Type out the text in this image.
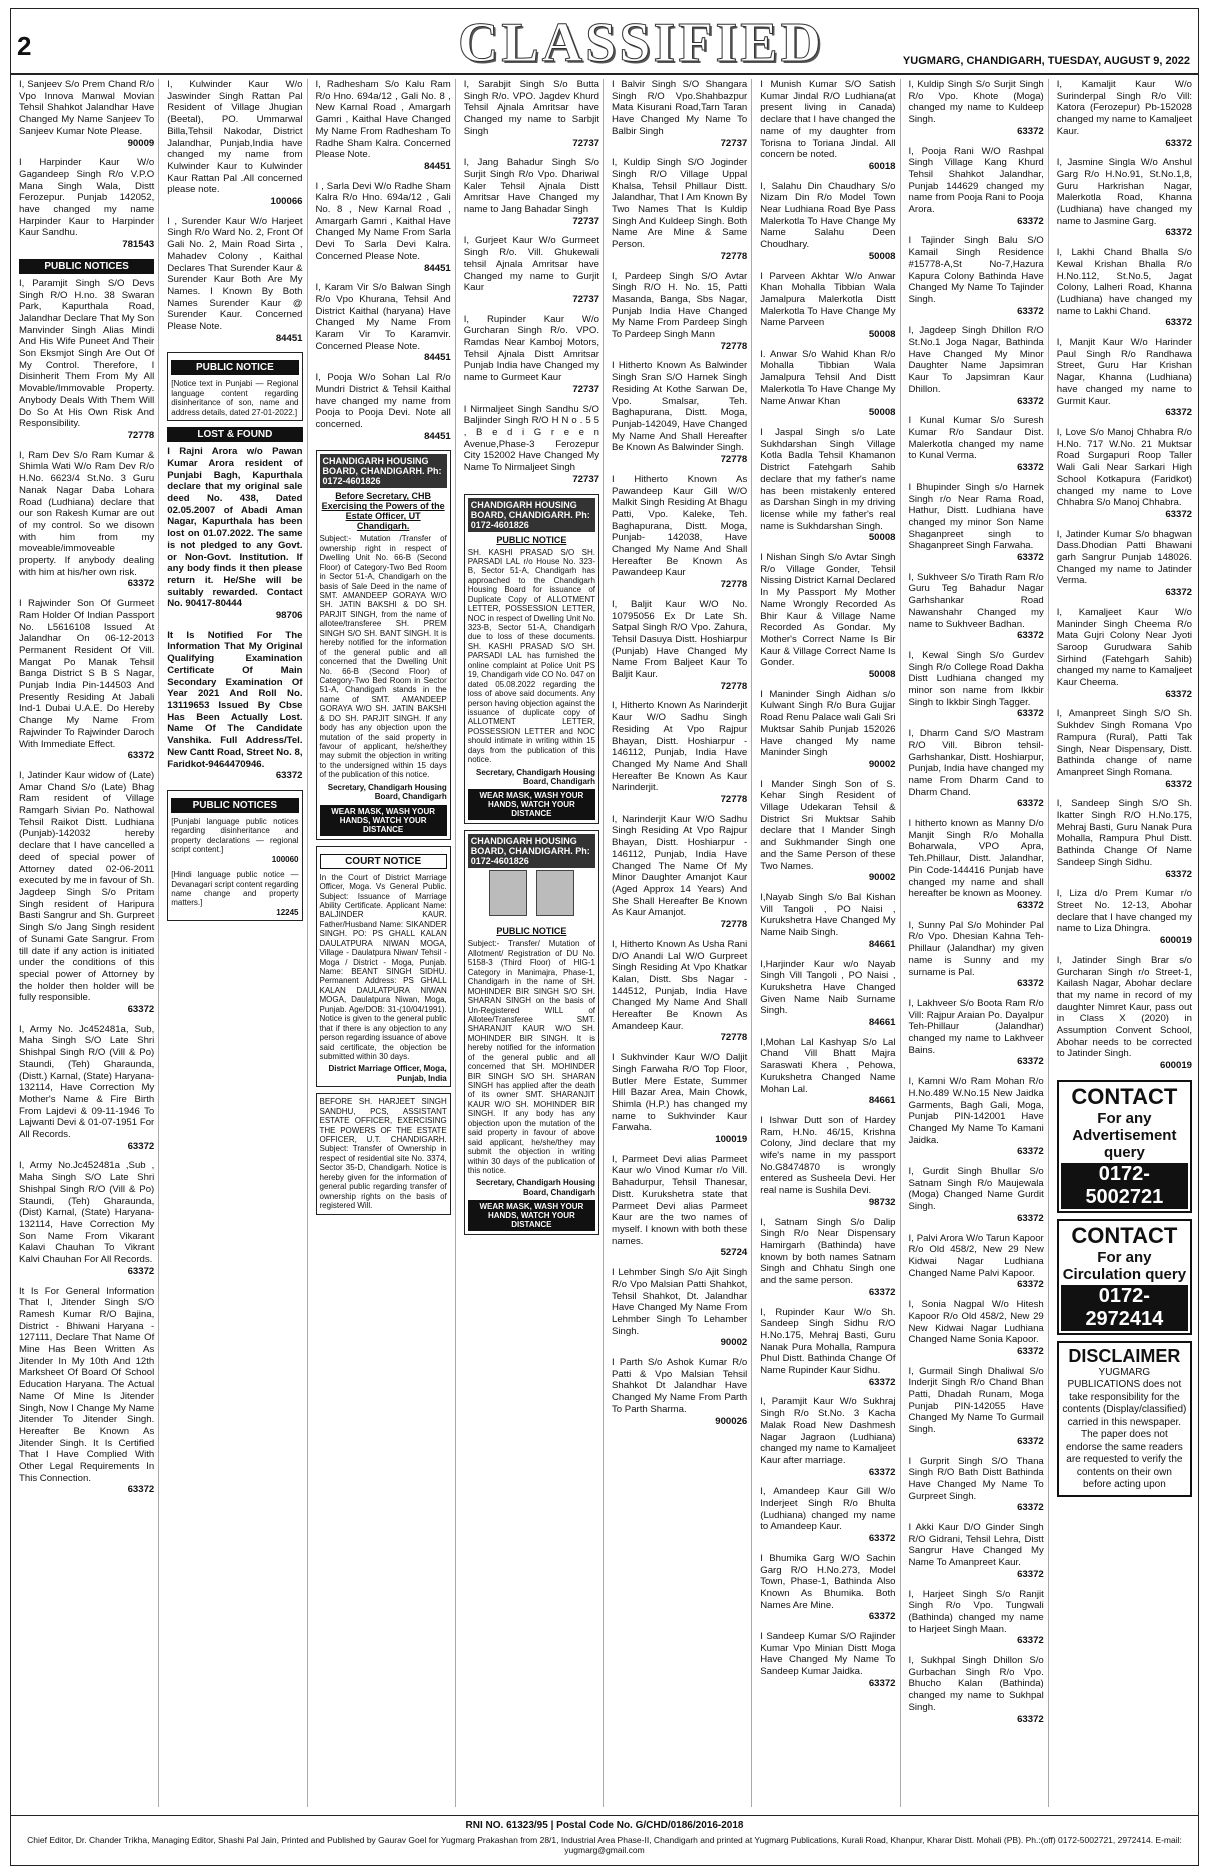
2	CLASSIFIED	YUGMARG, CHANDIGARH, TUESDAY, AUGUST 9, 2022
I, Sanjeev S/o Prem Chand R/o Vpo Innova Manwal Movian Tehsil Shahkot Jalandhar Have Changed My Name Sanjeev To Sanjeev Kumar Note Please.
90009
I Harpinder Kaur W/o Gagandeep Singh R/o V.P.O Mana Singh Wala, Distt Ferozepur. Punjab 142052, have changed my name Harpinder Kaur to Harpinder Kaur Sandhu.
781543
PUBLIC NOTICES
I, Paramjit Singh S/O Devs Singh R/O H.no. 38 Swaran Park, Kapurthala Road, Jalandhar Declare That My Son Manvinder Singh Alias Mindi And His Wife Puneet And Their Son Eksmjot Singh Are Out Of My Control. Therefore, I Disinherit Them From My All Movable/Immovable Property. Anybody Deals With Them Will Do So At His Own Risk And Responsibility.
72778
I, Ram Dev S/o Ram Kumar & Shimla Wati W/o Ram Dev R/o H.No. 6623/4 St.No. 3 Guru Nanak Nagar Daba Lohara Road (Ludhiana) declare that our son Rakesh Kumar are out of my control. So we disown with him from my moveable/immoveable property. If anybody dealing with him at his/her own risk.
63372
I Rajwinder Son Of Gurmeet Ram Holder Of Indian Passport No. L5616108 Issued At Jalandhar On 06-12-2013 Permanent Resident Of Vill. Mangat Po Manak Tehsil Banga District S B S Nagar, Punjab India Pin-144503 And Presently Residing At Jabali Ind-1 Dubai U.A.E. Do Hereby Change My Name From Rajwinder To Rajwinder Daroch With Immediate Effect.
63372
I, Jatinder Kaur widow of (Late) Amar Chand S/o (Late) Bhag Ram resident of Village Ramgarh Sivian Po. Nathowal Tehsil Raikot Distt. Ludhiana (Punjab)-142032 hereby declare that I have cancelled a deed of special power of Attorney dated 02-06-2011 executed by me in favour of Sh. Jagdeep Singh S/o Pritam Singh resident of Haripura Basti Sangrur and Sh. Gurpreet Singh S/o Jang Singh resident of Sunami Gate Sangrur. From till date if any action is initiated under the conditions of this special power of Attorney by the holder then holder will be fully responsible.
63372
I, Army No. Jc452481a, Sub, Maha Singh S/O Late Shri Shishpal Singh R/O (Vill & Po) Staundi, (Teh) Gharaunda, (Distt.) Karnal, (State) Haryana-132114, Have Correction My Mother's Name & Fire Birth From Lajdevi & 09-11-1946 To Lajwanti Devi & 01-07-1951 For All Records.
63372
I, Army No.Jc452481a ,Sub , Maha Singh S/O Late Shri Shishpal Singh R/O (Vill & Po) Staundi, (Teh) Gharaunda, (Dist) Karnal, (State) Haryana-132114, Have Correction My Son Name From Vikarant Kalavi Chauhan To Vikrant Kalvi Chauhan For All Records.
63372
It Is For General Information That I, Jitender Singh S/O Ramesh Kumar R/O Bajina, District - Bhiwani Haryana - 127111, Declare That Name Of Mine Has Been Written As Jitender In My 10th And 12th Marksheet Of Board Of School Education Haryana. The Actual Name Of Mine Is Jitender Singh, Now I Change My Name Jitender To Jitender Singh. Hereafter Be Known As Jitender Singh. It Is Certified That I Have Complied With Other Legal Requirements In This Connection.
63372
I, Kulwinder Kaur W/o Jaswinder Singh Rattan Pal Resident of Village Jhugian (Beetal), PO. Ummarwal Billa,Tehsil Nakodar, District Jalandhar, Punjab,India have changed my name from Kulwinder Kaur to Kulwinder Kaur Rattan Pal .All concerned please note.
100066
I , Surender Kaur W/o Harjeet Singh R/o Ward No. 2, Front Of Gali No. 2, Main Road Sirta , Mahadev Colony , Kaithal Declares That Surender Kaur & Surender Kaur Both Are My Names. I Known By Both Names Surender Kaur @ Surender Kaur. Concerned Please Note.
84451
PUBLIC NOTICE
[Notice text in Punjabi — Regional language content regarding disinheritance of son, name and address details, dated 27-01-2022.]
LOST & FOUND
I Rajni Arora w/o Pawan Kumar Arora resident of Punjabi Bagh, Kapurthala declare that my original sale deed No. 438, Dated 02.05.2007 of Abadi Aman Nagar, Kapurthala has been lost on 01.07.2022. The same is not pledged to any Govt. or Non-Govt. Institution. If any body finds it then please return it. He/She will be suitably rewarded. Contact No. 90417-80444
98706
It Is Notified For The Information That My Original Qualifying Examination Certificate Of Main Secondary Examination Of Year 2021 And Roll No. 13119653 Issued By Cbse Has Been Actually Lost. Name Of The Candidate Vanshika. Full Address/Tel. New Cantt Road, Street No. 8, Faridkot-9464470946.
63372
PUBLIC NOTICES
[Punjabi language public notices regarding disinheritance and property declarations — regional script content.]
100060
[Hindi language public notice — Devanagari script content regarding name change and property matters.]
12245
I, Radhesham S/o Kalu Ram R/o Hno. 694a/12 , Gali No. 8 , New Karnal Road , Amargarh Gamri , Kaithal Have Changed My Name From Radhesham To Radhe Sham Kalra. Concerned Please Note.
84451
I , Sarla Devi W/o Radhe Sham Kalra R/o Hno. 694a/12 , Gali No. 8 , New Karnal Road , Amargarh Gamri , Kaithal Have Changed My Name From Sarla Devi To Sarla Devi Kalra. Concerned Please Note.
84451
I, Karam Vir S/o Balwan Singh R/o Vpo Khurana, Tehsil And District Kaithal (haryana) Have Changed My Name From Karam Vir To Karamvir. Concerned Please Note.
84451
I, Pooja W/o Sohan Lal R/o Mundri District & Tehsil Kaithal have changed my name from Pooja to Pooja Devi. Note all concerned.
84451
CHANDIGARH HOUSING BOARD, CHANDIGARH. Ph: 0172-4601826
Before Secretary, CHB Exercising the Powers of the Estate Officer, UT Chandigarh.
Subject:- Mutation /Transfer of ownership right in respect of Dwelling Unit No. 66-B (Second Floor) of Category-Two Bed Room in Sector 51-A, Chandigarh on the basis of Sale Deed in the name of SMT. AMANDEEP GORAYA W/O SH. JATIN BAKSHI & DO SH. PARJIT SINGH, from the name of allotee/transferee SH. PREM SINGH S/O SH. BANT SINGH. It is hereby notified for the information of the general public and all concerned that the Dwelling Unit No. 66-B (Second Floor) of Category-Two Bed Room in Sector 51-A, Chandigarh stands in the name of SMT. AMANDEEP GORAYA W/O SH. JATIN BAKSHI & DO SH. PARJIT SINGH. If any body has any objection upon the mutation of the said property in favour of applicant, he/she/they may submit the objection in writing to the undersigned within 15 days of the publication of this notice.
Secretary, Chandigarh Housing Board, Chandigarh
WEAR MASK, WASH YOUR HANDS, WATCH YOUR DISTANCE
COURT NOTICE
In the Court of District Marriage Officer, Moga. Vs General Public. Subject: Issuance of Marriage Ability Certificate. Applicant Name: BALJINDER KAUR. Father/Husband Name: SIKANDER SINGH. PO: PS GHALL KALAN DAULATPURA NIWAN MOGA, Village - Daulatpura Niwan/ Tehsil - Moga / District - Moga, Punjab. Name: BEANT SINGH SIDHU. Permanent Address: PS GHALL KALAN DAULATPURA NIWAN MOGA, Daulatpura Niwan, Moga, Punjab. Age/DOB: 31-(10/04/1991). Notice is given to the general public that if there is any objection to any person regarding issuance of above said certificate, the objection be submitted within 30 days.
District Marriage Officer, Moga, Punjab, India
BEFORE SH. HARJEET SINGH SANDHU, PCS, ASSISTANT ESTATE OFFICER, EXERCISING THE POWERS OF THE ESTATE OFFICER, U.T. CHANDIGARH. Subject: Transfer of Ownership in respect of residential site No. 3374, Sector 35-D, Chandigarh. Notice is hereby given for the information of general public regarding transfer of ownership rights on the basis of registered Will.
I, Sarabjit Singh S/o Butta Singh R/o. VPO. Jagdev Khurd Tehsil Ajnala Amritsar have Changed my name to Sarbjit Singh
72737
I, Jang Bahadur Singh S/o Surjit Singh R/o Vpo. Dhariwal Kaler Tehsil Ajnala Distt Amritsar Have Changed my name to Jang Bahadar Singh
72737
I, Gurjeet Kaur W/o Gurmeet Singh R/o. Vill. Ghukewali tehsil Ajnala Amritsar have Changed my name to Gurjit Kaur
72737
I, Rupinder Kaur W/o Gurcharan Singh R/o. VPO. Ramdas Near Kamboj Motors, Tehsil Ajnala Distt Amritsar Punjab India have Changed my name to Gurmeet Kaur
72737
I Nirmaljeet Singh Sandhu S/O Baljinder Singh R/O H N o . 5 5 , B e d i G r e e n Avenue,Phase-3 Ferozepur City 152002 Have Changed My Name To Nirmaljeet Singh
72737
CHANDIGARH HOUSING BOARD, CHANDIGARH. Ph: 0172-4601826
PUBLIC NOTICE
SH. KASHI PRASAD S/O SH. PARSADI LAL r/o House No. 323-B, Sector 51-A, Chandigarh has approached to the Chandigarh Housing Board for issuance of Duplicate Copy of ALLOTMENT LETTER, POSSESSION LETTER, NOC in respect of Dwelling Unit No. 323-B, Sector 51-A, Chandigarh due to loss of these documents. SH. KASHI PRASAD S/O SH. PARSADI LAL has furnished the online complaint at Police Unit PS 19, Chandigarh vide CO No. 047 on dated 05.08.2022 regarding the loss of above said documents. Any person having objection against the issuance of duplicate copy of ALLOTMENT LETTER, POSSESSION LETTER and NOC should intimate in writing within 15 days from the publication of this notice.
Secretary, Chandigarh Housing Board, Chandigarh
WEAR MASK, WASH YOUR HANDS, WATCH YOUR DISTANCE
CHANDIGARH HOUSING BOARD, CHANDIGARH. Ph: 0172-4601826

PUBLIC NOTICE
Subject:- Transfer/ Mutation of Allotment/ Registration of DU No. 5158-3 (Third Floor) of HIG-1 Category in Manimajra, Phase-1, Chandigarh in the name of SH. MOHINDER BIR SINGH S/O SH. SHARAN SINGH on the basis of Un-Registered WILL of Allotee/Transferee SMT. SHARANJIT KAUR W/O SH. MOHINDER BIR SINGH. It is hereby notified for the information of the general public and all concerned that SH. MOHINDER BIR SINGH S/O SH. SHARAN SINGH has applied after the death of its owner SMT. SHARANJIT KAUR W/O SH. MOHINDER BIR SINGH. If any body has any objection upon the mutation of the said property in favour of above said applicant, he/she/they may submit the objection in writing within 30 days of the publication of this notice.
Secretary, Chandigarh Housing Board, Chandigarh
WEAR MASK, WASH YOUR HANDS, WATCH YOUR DISTANCE
I Balvir Singh S/O Shangara Singh R/O Vpo.Shahbazpur Mata Kisurani Road,Tarn Taran Have Changed My Name To Balbir Singh
72737
I, Kuldip Singh S/O Joginder Singh R/O Village Uppal Khalsa, Tehsil Phillaur Distt. Jalandhar, That I Am Known By Two Names That Is Kuldip Singh And Kuldeep Singh. Both Name Are Mine & Same Person.
72778
I, Pardeep Singh S/O Avtar Singh R/O H. No. 15, Patti Masanda, Banga, Sbs Nagar, Punjab India Have Changed My Name From Pardeep Singh To Pardeep Singh Mann
72778
I Hitherto Known As Balwinder Singh Sran S/O Harnek Singh Residing At Kothe Sarwan De, Vpo. Smalsar, Teh. Baghapurana, Distt. Moga, Punjab-142049, Have Changed My Name And Shall Hereafter Be Known As Balwinder Singh.
72778
I Hitherto Known As Pawandeep Kaur Gill W/O Malkit Singh Residing At Bhagu Patti, Vpo. Kaleke, Teh. Baghapurana, Distt. Moga, Punjab- 142038, Have Changed My Name And Shall Hereafter Be Known As Pawandeep Kaur
72778
I, Baljit Kaur W/O No. 10795056 Ex Dr Late Sh. Satpal Singh R/O Vpo. Zahura, Tehsil Dasuya Distt. Hoshiarpur (Punjab) Have Changed My Name From Baljeet Kaur To Baljit Kaur.
72778
I, Hitherto Known As Narinderjit Kaur W/O Sadhu Singh Residing At Vpo Rajpur Bhayan, Distt. Hoshiarpur - 146112, Punjab, India Have Changed My Name And Shall Hereafter Be Known As Kaur Narinderjit.
72778
I, Narinderjit Kaur W/O Sadhu Singh Residing At Vpo Rajpur Bhayan, Distt. Hoshiarpur - 146112, Punjab, India Have Changed The Name Of My Minor Daughter Amanjot Kaur (Aged Approx 14 Years) And She Shall Hereafter Be Known As Kaur Amanjot.
72778
I, Hitherto Known As Usha Rani D/O Anandi Lal W/O Gurpreet Singh Residing At Vpo Khatkar Kalan, Distt. Sbs Nagar - 144512, Punjab, India Have Changed My Name And Shall Hereafter Be Known As Amandeep Kaur.
72778
I Sukhvinder Kaur W/O Daljit Singh Farwaha R/O Top Floor, Butler Mere Estate, Summer Hill Bazar Area, Main Chowk, Shimla (H.P.) has changed my name to Sukhvinder Kaur Farwaha.
100019
I, Parmeet Devi alias Parmeet Kaur w/o Vinod Kumar r/o Vill. Bahadurpur, Tehsil Thanesar, Distt. Kurukshetra state that Parmeet Devi alias Parmeet Kaur are the two names of myself. I known with both these names.
52724
I Lehmber Singh S/o Ajit Singh R/o Vpo Malsian Patti Shahkot, Tehsil Shahkot, Dt. Jalandhar Have Changed My Name From Lehmber Singh To Lehamber Singh.
90002
I Parth S/o Ashok Kumar R/o Patti & Vpo Malsian Tehsil Shahkot Dt Jalandhar Have Changed My Name From Parth To Parth Sharma.
900026
I Munish Kumar S/O Satish Kumar Jindal R/O Ludhiana(at present living in Canada) declare that I have changed the name of my daughter from Torisna to Toriana Jindal. All concern be noted.
60018
I, Salahu Din Chaudhary S/o Nizam Din R/o Model Town Near Ludhiana Road Bye Pass Malerkotla To Have Change My Name Salahu Deen Choudhary.
50008
I Parveen Akhtar W/o Anwar Khan Mohalla Tibbian Wala Jamalpura Malerkotla Distt Malerkotla To Have Change My Name Parveen
50008
I. Anwar S/o Wahid Khan R/o Mohalla Tibbian Wala Jamalpura Tehsil And Distt Malerkotla To Have Change My Name Anwar Khan
50008
I Jaspal Singh s/o Late Sukhdarshan Singh Village Kotla Badla Tehsil Khamanon District Fatehgarh Sahib declare that my father's name has been mistakenly entered as Darshan Singh in my driving license while my father's real name is Sukhdarshan Singh.
50008
I Nishan Singh S/o Avtar Singh R/o Village Gonder, Tehsil Nissing District Karnal Declared In My Passport My Mother Name Wrongly Recorded As Bhir Kaur & Village Name Recorded As Gondar. My Mother's Correct Name Is Bir Kaur & Village Correct Name Is Gonder.
50008
I Maninder Singh Aidhan s/o Kulwant Singh R/o Bura Gujjar Road Renu Palace wali Gali Sri Muktsar Sahib Punjab 152026 Have changed My name Maninder Singh
90002
I Mander Singh Son of S. Kehar Singh Resident of Village Udekaran Tehsil & District Sri Muktsar Sahib declare that I Mander Singh and Sukhmander Singh one and the Same Person of these Two Names.
90002
I,Nayab Singh S/o Bal Kishan Vill Tangoli , PO Naisi , Kurukshetra Have Changed My Name Naib Singh.
84661
I,Harjinder Kaur w/o Nayab Singh Vill Tangoli , PO Naisi , Kurukshetra Have Changed Given Name Naib Surname Singh.
84661
I,Mohan Lal Kashyap S/o Lal Chand Vill Bhatt Majra Saraswati Khera , Pehowa, Kurukshetra Changed Name Mohan Lal.
84661
I Ishwar Dutt son of Hardey Ram, H.No. 46/15, Krishna Colony, Jind declare that my wife's name in my passport No.G8474870 is wrongly entered as Susheela Devi. Her real name is Sushila Devi.
98732
I, Satnam Singh S/o Dalip Singh R/o Near Dispensary Hamirgarh (Bathinda) have known by both names Satnam Singh and Chhatu Singh one and the same person.
63372
I, Rupinder Kaur W/o Sh. Sandeep Singh Sidhu R/O H.No.175, Mehraj Basti, Guru Nanak Pura Mohalla, Rampura Phul Distt. Bathinda Change Of Name Rupinder Kaur Sidhu.
63372
I, Paramjit Kaur W/o Sukhraj Singh R/o St.No. 3 Kacha Malak Road New Dashmesh Nagar Jagraon (Ludhiana) changed my name to Kamaljeet Kaur after marriage.
63372
I, Amandeep Kaur Gill W/o Inderjeet Singh R/o Bhulta (Ludhiana) changed my name to Amandeep Kaur.
63372
I Bhumika Garg W/O Sachin Garg R/O H.No.273, Model Town, Phase-1, Bathinda Also Known As Bhumika. Both Names Are Mine.
63372
I Sandeep Kumar S/O Rajinder Kumar Vpo Minian Distt Moga Have Changed My Name To Sandeep Kumar Jaidka.
63372
I, Kuldip Singh S/o Surjit Singh R/o Vpo. Khote (Moga) changed my name to Kuldeep Singh.
63372
I, Pooja Rani W/O Rashpal Singh Village Kang Khurd Tehsil Shahkot Jalandhar, Punjab 144629 changed my name from Pooja Rani to Pooja Arora.
63372
I Tajinder Singh Balu S/O Kamail Singh Residence #15778-A,St No-7,Hazura Kapura Colony Bathinda Have Changed My Name To Tajinder Singh.
63372
I, Jagdeep Singh Dhillon R/O St.No.1 Joga Nagar, Bathinda Have Changed My Minor Daughter Name Japsimran Kaur To Japsimran Kaur Dhillon.
63372
I Kunal Kumar S/o Suresh Kumar R/o Sandaur Dist. Malerkotla changed my name to Kunal Verma.
63372
I Bhupinder Singh s/o Harnek Singh r/o Near Rama Road, Hathur, Distt. Ludhiana have changed my minor Son Name Shaganpreet singh to Shaganpreet Singh Farwaha.
63372
I, Sukhveer S/o Tirath Ram R/o Guru Teg Bahadur Nagar Garhshankar Road Nawanshahr Changed my name to Sukhveer Badhan.
63372
I, Kewal Singh S/o Gurdev Singh R/o College Road Dakha Distt Ludhiana changed my minor son name from Ikkbir Singh to Ikkbir Singh Tagger.
63372
I, Dharm Cand S/O Mastram R/O Vill. Bibron tehsil- Garhshankar, Distt. Hoshiarpur, Punjab, India have changed my name From Dharm Cand to Dharm Chand.
63372
I hitherto known as Manny D/o Manjit Singh R/o Mohalla Boharwala, VPO Apra, Teh.Phillaur, Distt. Jalandhar, Pin Code-144416 Punjab have changed my name and shall hereafter be known as Mooney.
63372
I, Sunny Pal S/o Mohinder Pal R/o Vpo. Dhesian Kahna Teh-Phillaur (Jalandhar) my given name is Sunny and my surname is Pal.
63372
I, Lakhveer S/o Boota Ram R/o Vill: Rajpur Araian Po. Dayalpur Teh-Phillaur (Jalandhar) changed my name to Lakhveer Bains.
63372
I, Kamni W/o Ram Mohan R/o H.No.489 W.No.15 New Jaidka Garments, Bagh Gali, Moga, Punjab PIN-142001 Have Changed My Name To Kamani Jaidka.
63372
I, Gurdit Singh Bhullar S/o Satnam Singh R/o Maujewala (Moga) Changed Name Gurdit Singh.
63372
I, Palvi Arora W/o Tarun Kapoor R/o Old 458/2, New 29 New Kidwai Nagar Ludhiana Changed Name Palvi Kapoor.
63372
I, Sonia Nagpal W/o Hitesh Kapoor R/o Old 458/2, New 29 New Kidwai Nagar Ludhiana Changed Name Sonia Kapoor.
63372
I, Gurmail Singh Dhaliwal S/o Inderjit Singh R/o Chand Bhan Patti, Dhadah Runam, Moga Punjab PIN-142055 Have Changed My Name To Gurmail Singh.
63372
I Gurprit Singh S/O Thana Singh R/O Bath Distt Bathinda Have Changed My Name To Gurpreet Singh.
63372
I Akki Kaur D/O Ginder Singh R/O Gidrani, Tehsil Lehra, Distt Sangrur Have Changed My Name To Amanpreet Kaur.
63372
I, Harjeet Singh S/o Ranjit Singh R/o Vpo. Tungwali (Bathinda) changed my name to Harjeet Singh Maan.
63372
I, Sukhpal Singh Dhillon S/o Gurbachan Singh R/o Vpo. Bhucho Kalan (Bathinda) changed my name to Sukhpal Singh.
63372
I, Kamaljit Kaur W/o Surinderpal Singh R/o Vill: Katora (Ferozepur) Pb-152028 changed my name to Kamaljeet Kaur.
63372
I, Jasmine Singla W/o Anshul Garg R/o H.No.91, St.No.1,8, Guru Harkrishan Nagar, Malerkotla Road, Khanna (Ludhiana) have changed my name to Jasmine Garg.
63372
I, Lakhi Chand Bhalla S/o Kewal Krishan Bhalla R/o H.No.112, St.No.5, Jagat Colony, Lalheri Road, Khanna (Ludhiana) have changed my name to Lakhi Chand.
63372
I, Manjit Kaur W/o Harinder Paul Singh R/o Randhawa Street, Guru Har Krishan Nagar, Khanna (Ludhiana) have changed my name to Gurmit Kaur.
63372
I, Love S/o Manoj Chhabra R/o H.No. 717 W.No. 21 Muktsar Road Surgapuri Roop Taller Wali Gali Near Sarkari High School Kotkapura (Faridkot) changed my name to Love Chhabra S/o Manoj Chhabra.
63372
I, Jatinder Kumar S/o bhagwan Dass.Dhodian Patti Bhawani garh Sangrur Punjab 148026. Changed my name to Jatinder Verma.
63372
I, Kamaljeet Kaur W/o Maninder Singh Cheema R/o Mata Gujri Colony Near Jyoti Saroop Gurudwara Sahib Sirhind (Fatehgarh Sahib) changed my name to Kamaljeet Kaur Cheema.
63372
I, Amanpreet Singh S/O Sh. Sukhdev Singh Romana Vpo Rampura (Rural), Patti Tak Singh, Near Dispensary, Distt. Bathinda change of name Amanpreet Singh Romana.
63372
I, Sandeep Singh S/O Sh. Ikatter Singh R/O H.No.175, Mehraj Basti, Guru Nanak Pura Mohalla, Rampura Phul Distt. Bathinda Change Of Name Sandeep Singh Sidhu.
63372
I, Liza d/o Prem Kumar r/o Street No. 12-13, Abohar declare that I have changed my name to Liza Dhingra.
600019
I, Jatinder Singh Brar s/o Gurcharan Singh r/o Street-1, Kailash Nagar, Abohar declare that my name in record of my daughter Nimret Kaur, pass out in Class X (2020) in Assumption Convent School, Abohar needs to be corrected to Jatinder Singh.
600019
CONTACT
For any Advertisement query
0172-5002721
CONTACT
For any Circulation query
0172-2972414
DISCLAIMER

YUGMARG PUBLICATIONS does not take responsibility for the contents (Display/classified) carried in this newspaper. The paper does not endorse the same readers are requested to verify the contents on their own before acting upon

RNI NO. 61323/95 | Postal Code No. G/CHD/0186/2016-2018
Chief Editor, Dr. Chander Trikha, Managing Editor, Shashi Pal Jain, Printed and Published by Gaurav Goel for Yugmarg Prakashan from 28/1, Industrial Area Phase-II, Chandigarh and printed at Yugmarg Publications, Kurali Road, Khanpur, Kharar Distt. Mohali (PB). Ph.:(off) 0172-5002721, 2972414. E-mail: yugmarg@gmail.com
